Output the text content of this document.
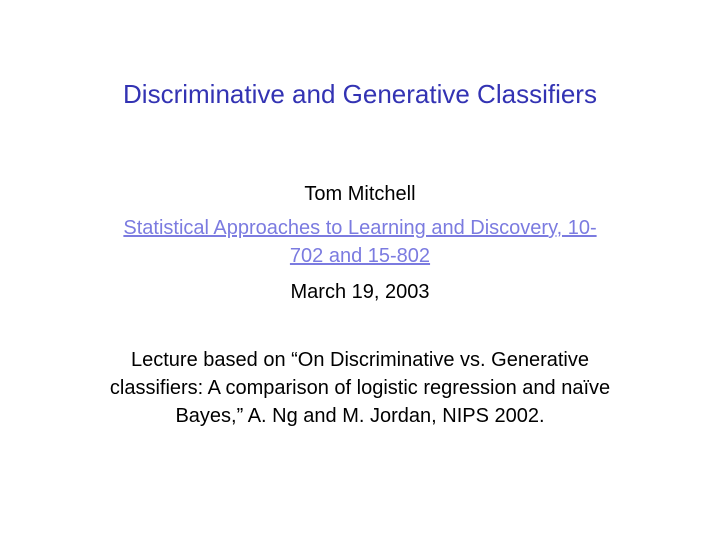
Discriminative and Generative Classifiers
Tom Mitchell
Statistical Approaches to Learning and Discovery, 10-702 and 15-802
March 19, 2003
Lecture based on “On Discriminative vs. Generative classifiers: A comparison of logistic regression and naïve Bayes,” A. Ng and M. Jordan, NIPS 2002.
